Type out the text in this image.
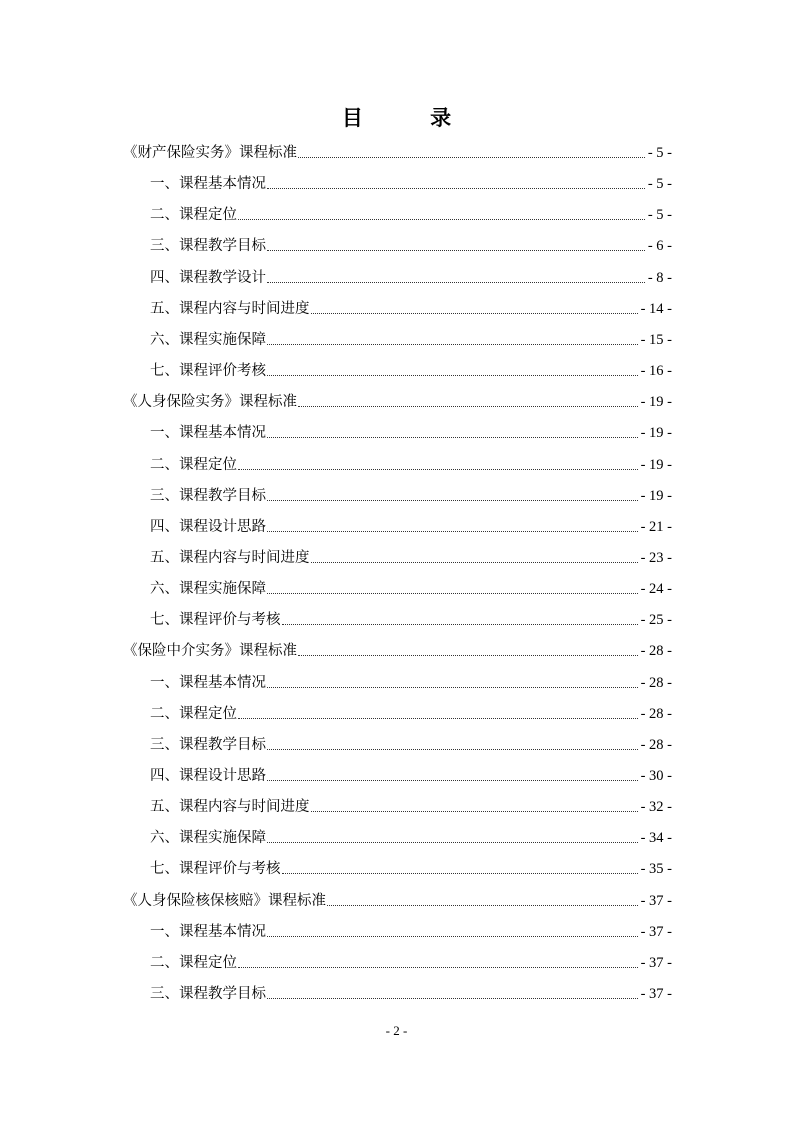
目 录
《财产保险实务》课程标准	- 5 -
一、课程基本情况	- 5 -
二、课程定位	- 5 -
三、课程教学目标	- 6 -
四、课程教学设计	- 8 -
五、课程内容与时间进度	- 14 -
六、课程实施保障	- 15 -
七、课程评价考核	- 16 -
《人身保险实务》课程标准	- 19 -
一、课程基本情况	- 19 -
二、课程定位	- 19 -
三、课程教学目标	- 19 -
四、课程设计思路	- 21 -
五、课程内容与时间进度	- 23 -
六、课程实施保障	- 24 -
七、课程评价与考核	- 25 -
《保险中介实务》课程标准	- 28 -
一、课程基本情况	- 28 -
二、课程定位	- 28 -
三、课程教学目标	- 28 -
四、课程设计思路	- 30 -
五、课程内容与时间进度	- 32 -
六、课程实施保障	- 34 -
七、课程评价与考核	- 35 -
《人身保险核保核赔》课程标准	- 37 -
一、课程基本情况	- 37 -
二、课程定位	- 37 -
三、课程教学目标	- 37 -
- 2 -
